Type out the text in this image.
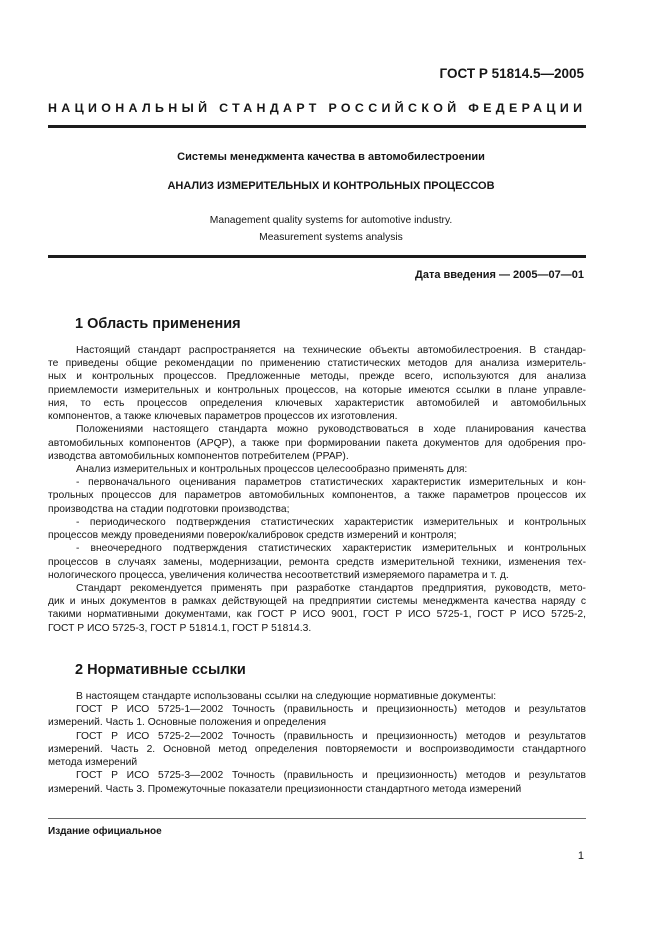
ГОСТ Р 51814.5—2005
НАЦИОНАЛЬНЫЙ СТАНДАРТ РОССИЙСКОЙ ФЕДЕРАЦИИ
Системы менеджмента качества в автомобилестроении
АНАЛИЗ ИЗМЕРИТЕЛЬНЫХ И КОНТРОЛЬНЫХ ПРОЦЕССОВ
Management quality systems for automotive industry.
Measurement systems analysis
Дата введения — 2005—07—01
1 Область применения
Настоящий стандарт распространяется на технические объекты автомобилестроения. В стандар-
те приведены общие рекомендации по применению статистических методов для анализа измеритель-
ных и контрольных процессов. Предложенные методы, прежде всего, используются для анализа
приемлемости измерительных и контрольных процессов, на которые имеются ссылки в плане управле-
ния, то есть процессов определения ключевых характеристик автомобилей и автомобильных
компонентов, а также ключевых параметров процессов их изготовления.
Положениями настоящего стандарта можно руководствоваться в ходе планирования качества
автомобильных компонентов (APQP), а также при формировании пакета документов для одобрения про-
изводства автомобильных компонентов потребителем (PPAP).
Анализ измерительных и контрольных процессов целесообразно применять для:
- первоначального оценивания параметров статистических характеристик измерительных и кон-
трольных процессов для параметров автомобильных компонентов, а также параметров процессов их
производства на стадии подготовки производства;
- периодического подтверждения статистических характеристик измерительных и контрольных
процессов между проведениями поверок/калибровок средств измерений и контроля;
- внеочередного подтверждения статистических характеристик измерительных и контрольных
процессов в случаях замены, модернизации, ремонта средств измерительной техники, изменения тех-
нологического процесса, увеличения количества несоответствий измеряемого параметра и т. д.
Стандарт рекомендуется применять при разработке стандартов предприятия, руководств, мето-
дик и иных документов в рамках действующей на предприятии системы менеджмента качества наряду с
такими нормативными документами, как ГОСТ Р ИСО 9001, ГОСТ Р ИСО 5725-1, ГОСТ Р ИСО 5725-2,
ГОСТ Р ИСО 5725-3, ГОСТ Р 51814.1, ГОСТ Р 51814.3.
2 Нормативные ссылки
В настоящем стандарте использованы ссылки на следующие нормативные документы:
ГОСТ Р ИСО 5725-1—2002 Точность (правильность и прецизионность) методов и результатов
измерений. Часть 1. Основные положения и определения
ГОСТ Р ИСО 5725-2—2002 Точность (правильность и прецизионность) методов и результатов
измерений. Часть 2. Основной метод определения повторяемости и воспроизводимости стандартного
метода измерений
ГОСТ Р ИСО 5725-3—2002 Точность (правильность и прецизионность) методов и результатов
измерений. Часть 3. Промежуточные показатели прецизионности стандартного метода измерений
Издание официальное
1
